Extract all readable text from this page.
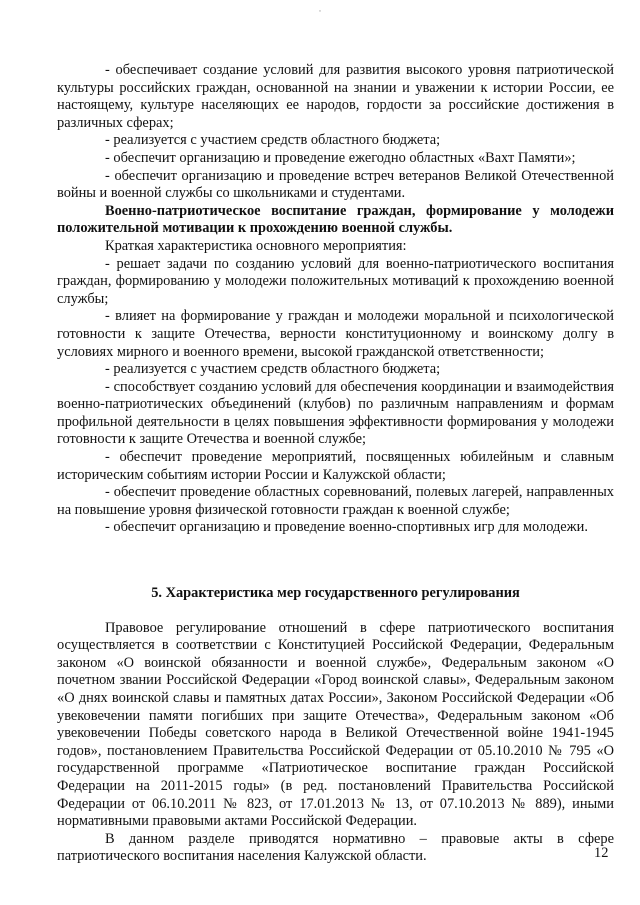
·

- обеспечивает создание условий для развития высокого уровня патриотической культуры российских граждан, основанной на знании и уважении к истории России, ее настоящему, культуре населяющих ее народов, гордости за российские достижения в различных сферах;

- реализуется с участием средств областного бюджета;

- обеспечит организацию и проведение ежегодно областных «Вахт Памяти»;

- обеспечит организацию и проведение встреч ветеранов Великой Отечественной войны и военной службы со школьниками и студентами.

Военно-патриотическое воспитание граждан, формирование у молодежи положительной мотивации к прохождению военной службы.

Краткая характеристика основного мероприятия:

- решает задачи по созданию условий для военно-патриотического воспитания граждан, формированию у молодежи положительных мотиваций к прохождению военной службы;

- влияет на формирование у граждан и молодежи моральной и психологической готовности к защите Отечества, верности конституционному и воинскому долгу в условиях мирного и военного времени, высокой гражданской ответственности;

- реализуется с участием средств областного бюджета;

- способствует созданию условий для обеспечения координации и взаимодействия военно-патриотических объединений (клубов) по различным направлениям и формам профильной деятельности в целях повышения эффективности формирования у молодежи готовности к защите Отечества и военной службе;

- обеспечит проведение мероприятий, посвященных юбилейным и славным историческим событиям истории России и Калужской области;

- обеспечит проведение областных соревнований, полевых лагерей, направленных на повышение уровня физической готовности граждан к военной службе;

- обеспечит организацию и проведение военно-спортивных игр для молодежи.

5. Характеристика мер государственного регулирования

Правовое регулирование отношений в сфере патриотического воспитания осуществляется в соответствии с Конституцией Российской Федерации, Федеральным законом «О воинской обязанности и военной службе», Федеральным законом «О почетном звании Российской Федерации «Город воинской славы», Федеральным законом «О днях воинской славы и памятных датах России», Законом Российской Федерации «Об увековечении памяти погибших при защите Отечества», Федеральным законом «Об увековечении Победы советского народа в Великой Отечественной войне 1941-1945 годов», постановлением Правительства Российской Федерации от 05.10.2010 № 795 «О государственной программе «Патриотическое воспитание граждан Российской Федерации на 2011-2015 годы» (в ред. постановлений Правительства Российской Федерации от 06.10.2011 № 823, от 17.01.2013 № 13, от 07.10.2013 № 889), иными нормативными правовыми актами Российской Федерации.

В данном разделе приводятся нормативно – правовые акты в сфере патриотического воспитания населения Калужской области.	12
